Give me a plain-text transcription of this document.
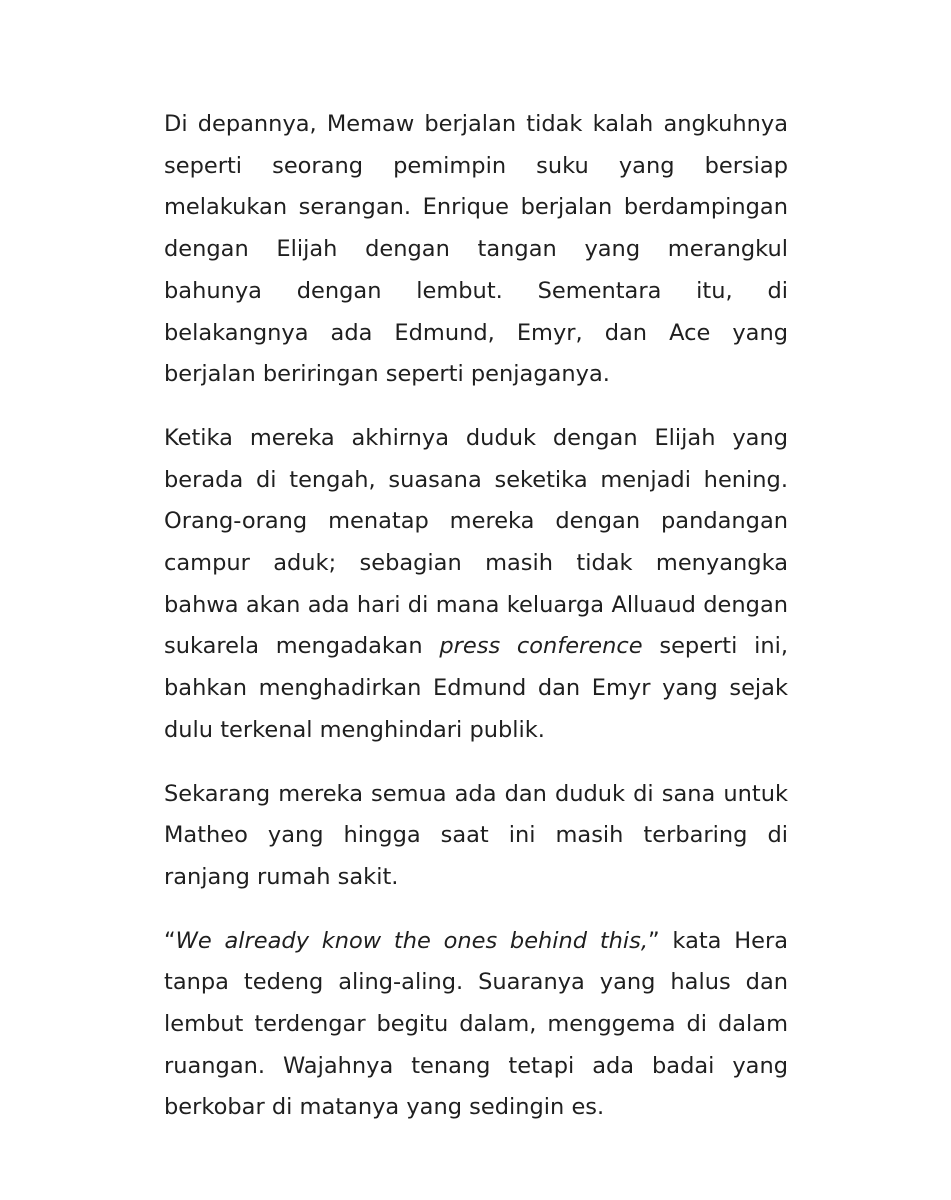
Di depannya, Memaw berjalan tidak kalah angkuhnya seperti seorang pemimpin suku yang bersiap melakukan serangan. Enrique berjalan berdampingan dengan Elijah dengan tangan yang merangkul bahunya dengan lembut. Sementara itu, di belakangnya ada Edmund, Emyr, dan Ace yang berjalan beriringan seperti penjaganya.

Ketika mereka akhirnya duduk dengan Elijah yang berada di tengah, suasana seketika menjadi hening. Orang-orang menatap mereka dengan pandangan campur aduk; sebagian masih tidak menyangka bahwa akan ada hari di mana keluarga Alluaud dengan sukarela mengadakan press conference seperti ini, bahkan menghadirkan Edmund dan Emyr yang sejak dulu terkenal menghindari publik.

Sekarang mereka semua ada dan duduk di sana untuk Matheo yang hingga saat ini masih terbaring di ranjang rumah sakit.

“We already know the ones behind this,” kata Hera tanpa tedeng aling-aling. Suaranya yang halus dan lembut terdengar begitu dalam, menggema di dalam ruangan. Wajahnya tenang tetapi ada badai yang berkobar di matanya yang sedingin es.
